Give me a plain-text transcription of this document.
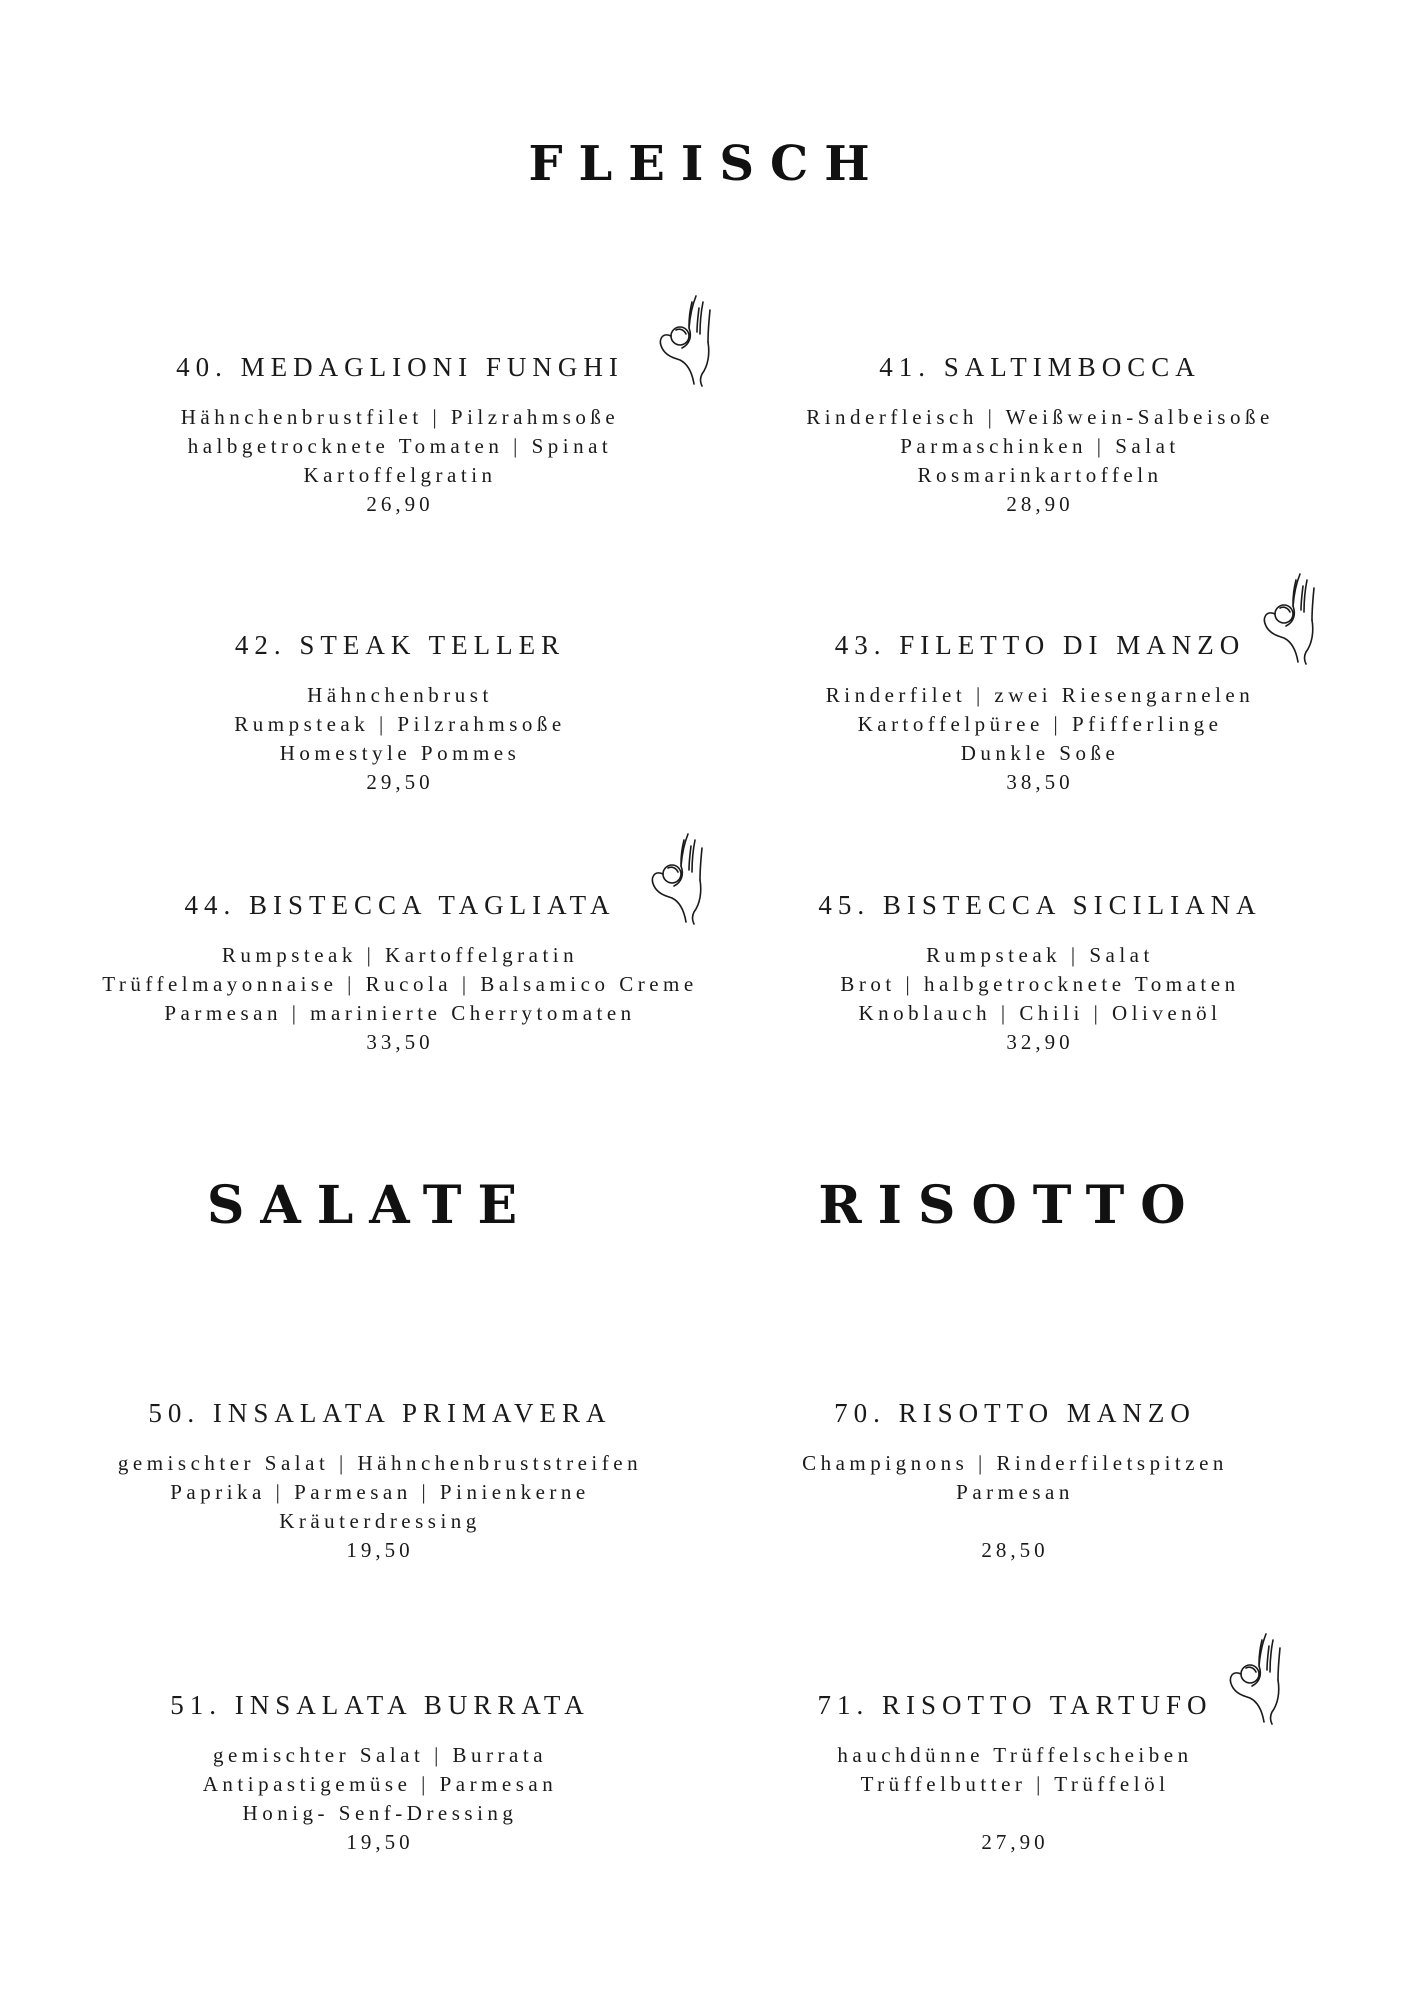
FLEISCH
40. MEDAGLIONI FUNGHI
Hähnchenbrustfilet | Pilzrahmsoße
halbgetrocknete Tomaten | Spinat
Kartoffelgratin
26,90
41. SALTIMBOCCA
Rinderfleisch | Weißwein-Salbeisoße
Parmaschinken | Salat
Rosmarinkartoffeln
28,90
42. STEAK TELLER
Hähnchenbrust
Rumpsteak | Pilzrahmsoße
Homestyle Pommes
29,50
43. FILETTO DI MANZO
Rinderfilet | zwei Riesengarnelen
Kartoffelpüree | Pfifferlinge
Dunkle Soße
38,50
44. BISTECCA TAGLIATA
Rumpsteak | Kartoffelgratin
Trüffelmayonnaise | Rucola | Balsamico Creme
Parmesan | marinierte Cherrytomaten
33,50
45. BISTECCA SICILIANA
Rumpsteak | Salat
Brot | halbgetrocknete Tomaten
Knoblauch | Chili | Olivenöl
32,90
SALATE	RISOTTO
50. INSALATA PRIMAVERA
gemischter Salat | Hähnchenbruststreifen
Paprika | Parmesan | Pinienkerne
Kräuterdressing
19,50
70. RISOTTO MANZO
Champignons | Rinderfiletspitzen
Parmesan
28,50
51. INSALATA BURRATA
gemischter Salat | Burrata
Antipastigemüse | Parmesan
Honig- Senf-Dressing
19,50
71. RISOTTO TARTUFO
hauchdünne Trüffelscheiben
Trüffelbutter | Trüffelöl
27,90
